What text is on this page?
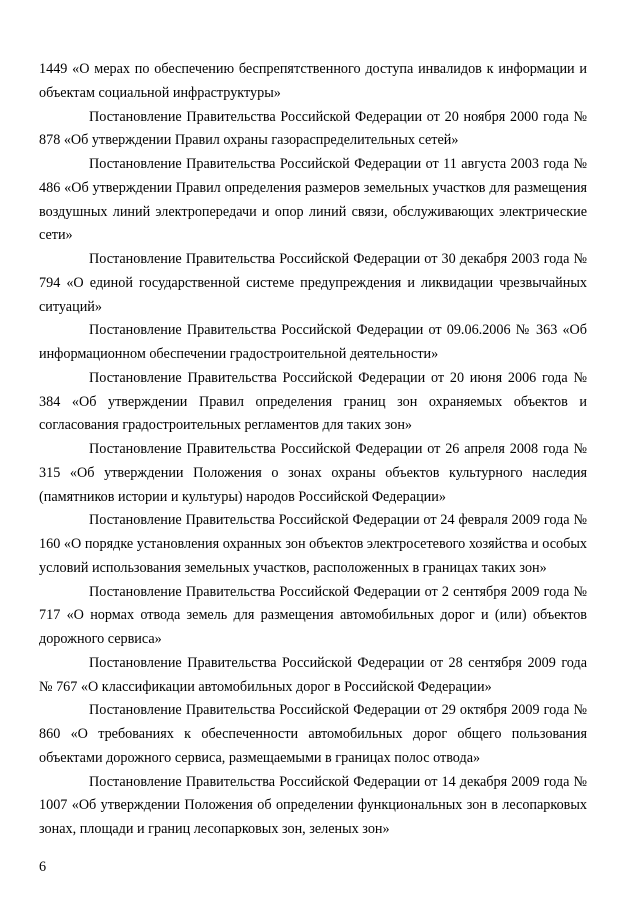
1449 «О мерах по обеспечению беспрепятственного доступа инвалидов к информации и объектам социальной инфраструктуры»

Постановление Правительства Российской Федерации от 20 ноября 2000 года № 878 «Об утверждении Правил охраны газораспределительных сетей»

Постановление Правительства Российской Федерации от 11 августа 2003 года № 486 «Об утверждении Правил определения размеров земельных участков для размещения воздушных линий электропередачи и опор линий связи, обслуживающих электрические сети»

Постановление Правительства Российской Федерации от 30 декабря 2003 года № 794 «О единой государственной системе предупреждения и ликвидации чрезвычайных ситуаций»

Постановление Правительства Российской Федерации от 09.06.2006 № 363 «Об информационном обеспечении градостроительной деятельности»

Постановление Правительства Российской Федерации от 20 июня 2006 года № 384 «Об утверждении Правил определения границ зон охраняемых объектов и согласования градостроительных регламентов для таких зон»

Постановление Правительства Российской Федерации от 26 апреля 2008 года № 315 «Об утверждении Положения о зонах охраны объектов культурного наследия (памятников истории и культуры) народов Российской Федерации»

Постановление Правительства Российской Федерации от 24 февраля 2009 года № 160 «О порядке установления охранных зон объектов электросетевого хозяйства и особых условий использования земельных участков, расположенных в границах таких зон»

Постановление Правительства Российской Федерации от 2 сентября 2009 года № 717 «О нормах отвода земель для размещения автомобильных дорог и (или) объектов дорожного сервиса»

Постановление Правительства Российской Федерации от 28 сентября 2009 года № 767 «О классификации автомобильных дорог в Российской Федерации»

Постановление Правительства Российской Федерации от 29 октября 2009 года № 860 «О требованиях к обеспеченности автомобильных дорог общего пользования объектами дорожного сервиса, размещаемыми в границах полос отвода»

Постановление Правительства Российской Федерации от 14 декабря 2009 года № 1007 «Об утверждении Положения об определении функциональных зон в лесопарковых зонах, площади и границ лесопарковых зон, зеленых зон»

6
